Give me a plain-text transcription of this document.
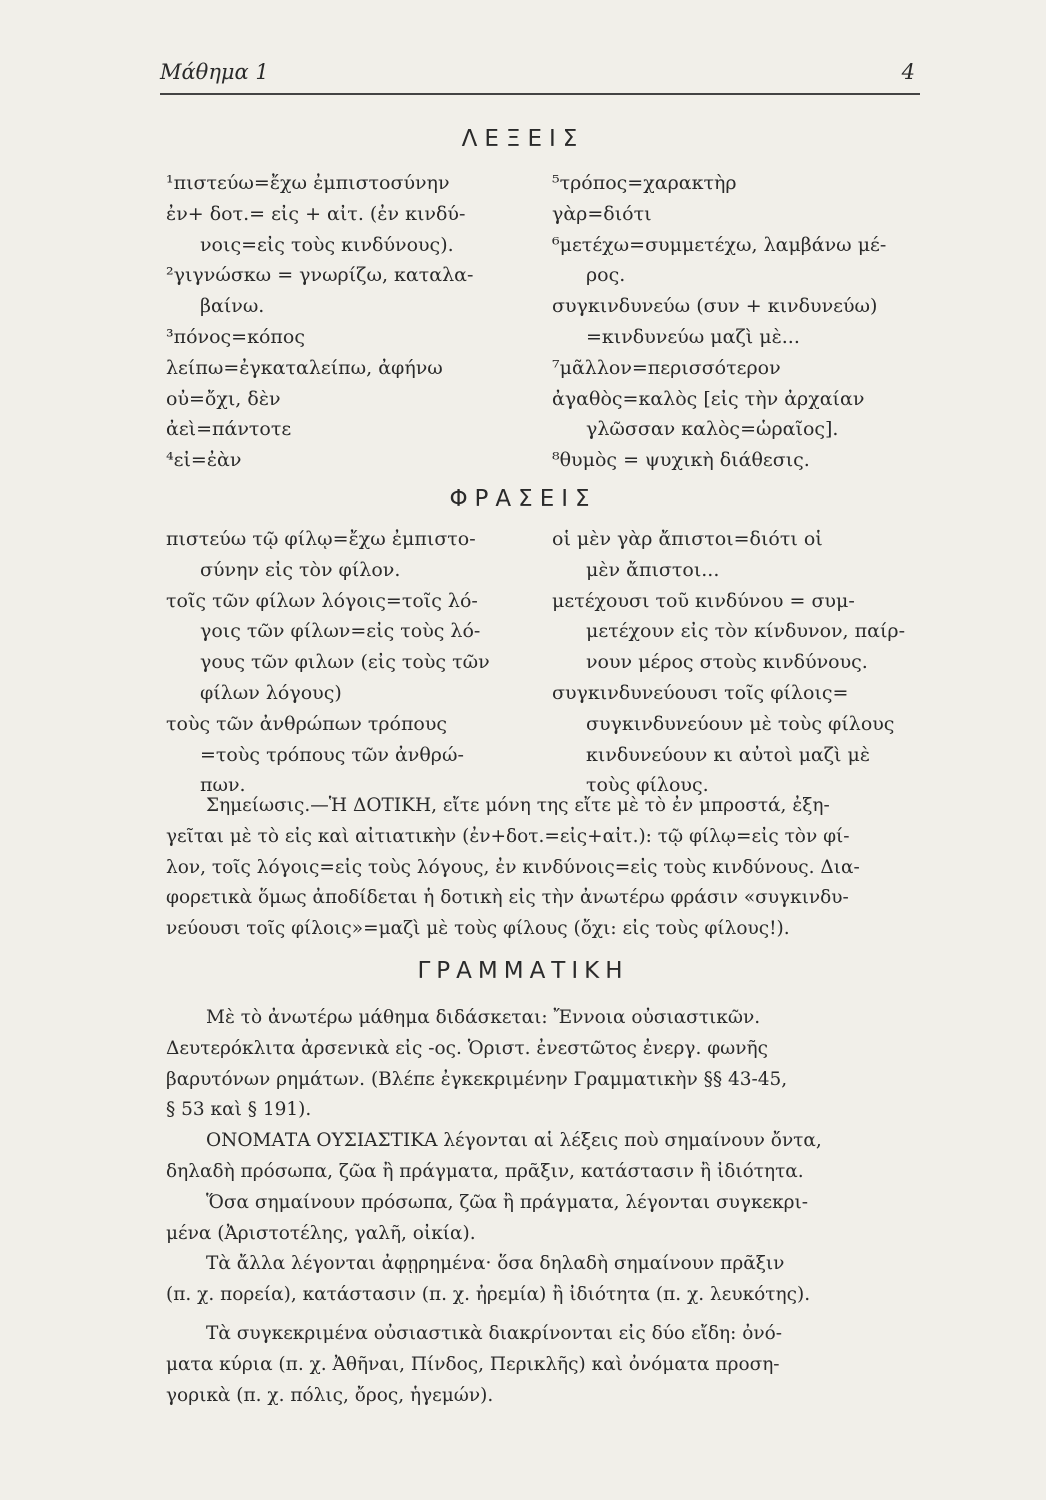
Μάθημα 1	4
ΛΕΞΕΙΣ
¹πιστεύω=ἔχω ἐμπιστοσύνην
ἐν+ δοτ.= εἰς + αἰτ. (ἐν κινδύ-
νοις=εἰς τοὺς κινδύνους).
²γιγνώσκω = γνωρίζω, καταλα-
βαίνω.
³πόνος=κόπος
λείπω=ἐγκαταλείπω, ἀφήνω
οὐ=ὄχι, δὲν
ἀεὶ=πάντοτε
⁴εἰ=ἐὰν
⁵τρόπος=χαρακτὴρ
γὰρ=διότι
⁶μετέχω=συμμετέχω, λαμβάνω μέ-
ρος.
συγκινδυνεύω (συν + κινδυνεύω)
=κινδυνεύω μαζὶ μὲ...
⁷μᾶλλον=περισσότερον
ἀγαθὸς=καλὸς [εἰς τὴν ἀρχαίαν
γλῶσσαν καλὸς=ὡραῖος].
⁸θυμὸς = ψυχικὴ διάθεσις.
ΦΡΑΣΕΙΣ
πιστεύω τῷ φίλῳ=ἔχω ἐμπιστο-
σύνην εἰς τὸν φίλον.
τοῖς τῶν φίλων λόγοις=τοῖς λό-
γοις τῶν φίλων=εἰς τοὺς λό-
γους τῶν φιλων (εἰς τοὺς τῶν
φίλων λόγους)
τοὺς τῶν ἀνθρώπων τρόπους
=τοὺς τρόπους τῶν ἀνθρώ-
πων.
οἱ μὲν γὰρ ἄπιστοι=διότι οἱ
μὲν ἄπιστοι...
μετέχουσι τοῦ κινδύνου = συμ-
μετέχουν εἰς τὸν κίνδυνον, παίρ-
νουν μέρος στοὺς κινδύνους.
συγκινδυνεύουσι τοῖς φίλοις=
συγκινδυνεύουν μὲ τοὺς φίλους
κινδυνεύουν κι αὐτοὶ μαζὶ μὲ
τοὺς φίλους.
Σημείωσις.—Ἡ ΔΟΤΙΚΗ, εἴτε μόνη της εἴτε μὲ τὸ ἐν μπροστά, ἐξη-
γεῖται μὲ τὸ εἰς καὶ αἰτιατικὴν (ἐν+δοτ.=εἰς+αἰτ.): τῷ φίλῳ=εἰς τὸν φί-
λον, τοῖς λόγοις=εἰς τοὺς λόγους, ἐν κινδύνοις=εἰς τοὺς κινδύνους. Δια-
φορετικὰ ὅμως ἀποδίδεται ἡ δοτικὴ εἰς τὴν ἀνωτέρω φράσιν «συγκινδυ-
νεύουσι τοῖς φίλοις»=μαζὶ μὲ τοὺς φίλους (ὄχι: εἰς τοὺς φίλους!).
ΓΡΑΜΜΑΤΙΚΗ
Μὲ τὸ ἀνωτέρω μάθημα διδάσκεται: Ἔννοια οὐσιαστικῶν.
Δευτερόκλιτα ἀρσενικὰ εἰς -ος. Ὁριστ. ἐνεστῶτος ἐνεργ. φωνῆς
βαρυτόνων ρημάτων. (Βλέπε ἐγκεκριμένην Γραμματικὴν §§ 43-45,
§ 53 καὶ § 191).
ΟΝΟΜΑΤΑ ΟΥΣΙΑΣΤΙΚΑ λέγονται αἱ λέξεις ποὺ σημαίνουν ὄντα,
δηλαδὴ πρόσωπα, ζῶα ἢ πράγματα, πρᾶξιν, κατάστασιν ἢ ἰδιότητα.
Ὅσα σημαίνουν πρόσωπα, ζῶα ἢ πράγματα, λέγονται συγκεκρι-
μένα (Ἀριστοτέλης, γαλῆ, οἰκία).
Τὰ ἄλλα λέγονται ἀφῃρημένα· ὅσα δηλαδὴ σημαίνουν πρᾶξιν
(π. χ. πορεία), κατάστασιν (π. χ. ἠρεμία) ἢ ἰδιότητα (π. χ. λευκότης).
Τὰ συγκεκριμένα οὐσιαστικὰ διακρίνονται εἰς δύο εἴδη: ὀνό-
ματα κύρια (π. χ. Ἀθῆναι, Πίνδος, Περικλῆς) καὶ ὀνόματα προση-
γορικὰ (π. χ. πόλις, ὄρος, ἡγεμών).
